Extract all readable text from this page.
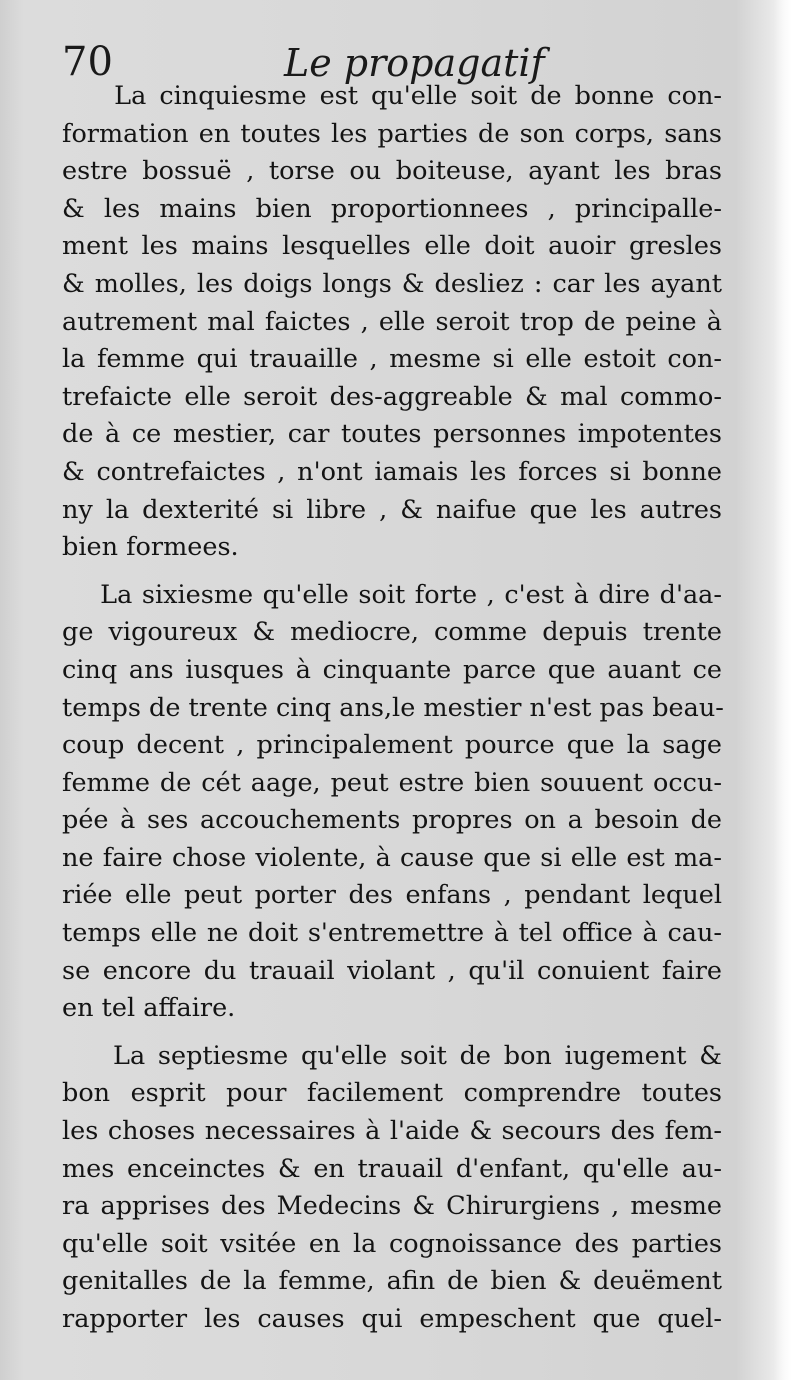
70	Le propagatif
La cinquiesme est qu'elle soit de bonne con-
formation en toutes les parties de son corps, sans
estre bossuë , torse ou boiteuse, ayant les bras
& les mains bien proportionnees , principalle-
ment les mains lesquelles elle doit auoir gresles
& molles, les doigs longs & desliez : car les ayant
autrement mal faictes , elle seroit trop de peine à
la femme qui trauaille , mesme si elle estoit con-
trefaicte elle seroit des-aggreable & mal commo-
de à ce mestier, car toutes personnes impotentes
& contrefaictes , n'ont iamais les forces si bonne
ny la dexterité si libre , & naifue que les autres
bien formees.
La sixiesme qu'elle soit forte , c'est à dire d'aa-
ge vigoureux & mediocre, comme depuis trente
cinq ans iusques à cinquante parce que auant ce
temps de trente cinq ans,le mestier n'est pas beau-
coup decent , principalement pource que la sage
femme de cét aage, peut estre bien souuent occu-
pée à ses accouchements propres on a besoin de
ne faire chose violente, à cause que si elle est ma-
riée elle peut porter des enfans , pendant lequel
temps elle ne doit s'entremettre à tel office à cau-
se encore du trauail violant , qu'il conuient faire
en tel affaire.
La septiesme qu'elle soit de bon iugement &
bon esprit pour facilement comprendre toutes
les choses necessaires à l'aide & secours des fem-
mes enceinctes & en trauail d'enfant, qu'elle au-
ra apprises des Medecins & Chirurgiens , mesme
qu'elle soit vsitée en la cognoissance des parties
genitalles de la femme, afin de bien & deuëment
rapporter les causes qui empeschent que quel-
